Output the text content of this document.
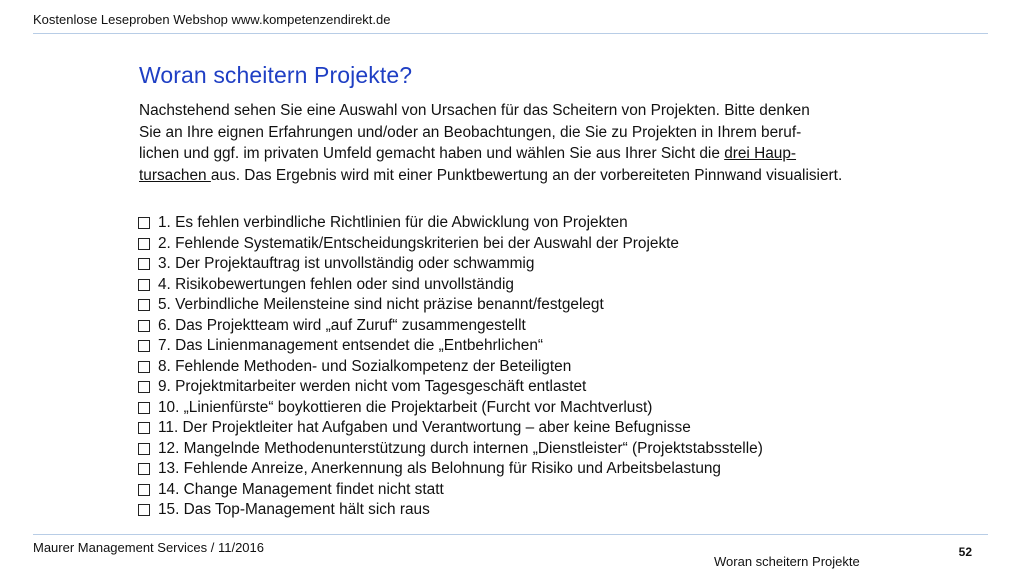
Kostenlose Leseproben Webshop www.kompetenzendirekt.de
Woran scheitern Projekte?
Nachstehend sehen Sie eine Auswahl von Ursachen für das Scheitern von Projekten. Bitte denken
Sie an Ihre eignen Erfahrungen und/oder an Beobachtungen, die Sie zu Projekten in Ihrem beruf-
lichen und ggf. im privaten Umfeld gemacht haben und wählen Sie aus Ihrer Sicht die drei Haup-
tursachen aus. Das Ergebnis wird mit einer Punktbewertung an der vorbereiteten Pinnwand visualisiert.
1. Es fehlen verbindliche Richtlinien für die Abwicklung von Projekten
2. Fehlende Systematik/Entscheidungskriterien bei der Auswahl der Projekte
3. Der Projektauftrag ist unvollständig oder schwammig
4. Risikobewertungen fehlen oder sind unvollständig
5. Verbindliche Meilensteine sind nicht präzise benannt/festgelegt
6. Das Projektteam wird „auf Zuruf“ zusammengestellt
7. Das Linienmanagement entsendet die „Entbehrlichen“
8. Fehlende Methoden- und Sozialkompetenz der Beteiligten
9. Projektmitarbeiter werden nicht vom Tagesgeschäft entlastet
10. „Linienfürste“ boykottieren die Projektarbeit (Furcht vor Machtverlust)
11. Der Projektleiter hat Aufgaben und Verantwortung – aber keine Befugnisse
12. Mangelnde Methodenunterstützung durch internen „Dienstleister“ (Projektstabsstelle)
13. Fehlende Anreize, Anerkennung als Belohnung für Risiko und Arbeitsbelastung
14. Change Management findet nicht statt
15. Das Top-Management hält sich raus
Maurer Management Services / 11/2016	52
Woran scheitern Projekte
